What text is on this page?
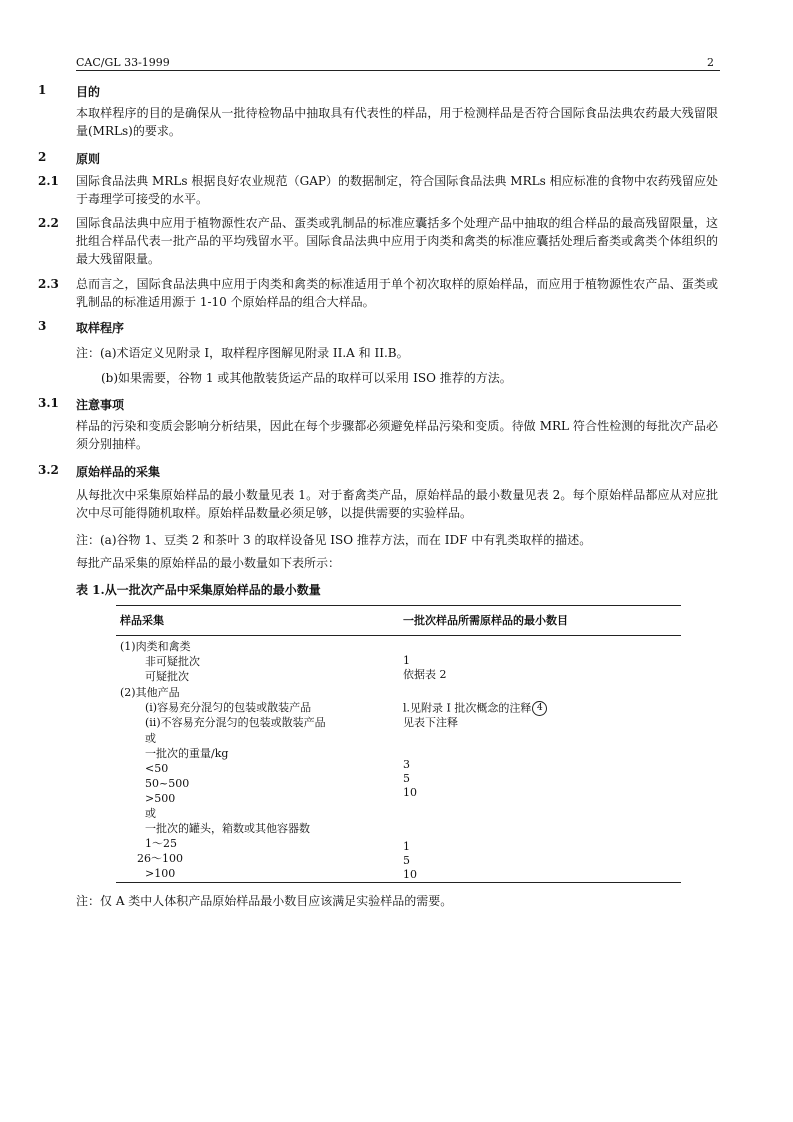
CAC/GL 33-1999	2
1 目的
本取样程序的目的是确保从一批待检物品中抽取具有代表性的样品，用于检测样品是否符合国际食品法典农药最大残留限量(MRLs)的要求。
2 原则
2.1 国际食品法典 MRLs 根据良好农业规范（GAP）的数据制定，符合国际食品法典 MRLs 相应标准的食物中农药残留应处于毒理学可接受的水平。
2.2 国际食品法典中应用于植物源性农产品、蛋类或乳制品的标准应囊括多个处理产品中抽取的组合样品的最高残留限量，这批组合样品代表一批产品的平均残留水平。国际食品法典中应用于肉类和禽类的标准应囊括处理后畜类或禽类个体组织的最大残留限量。
2.3 总而言之，国际食品法典中应用于肉类和禽类的标准适用于单个初次取样的原始样品，而应用于植物源性农产品、蛋类或乳制品的标准适用源于 1-10 个原始样品的组合大样品。
3 取样程序
注：(a)术语定义见附录 I，取样程序图解见附录 II.A 和 II.B。
(b)如果需要，谷物 1 或其他散装货运产品的取样可以采用 ISO 推荐的方法。
3.1 注意事项
样品的污染和变质会影响分析结果，因此在每个步骤都必须避免样品污染和变质。待做 MRL 符合性检测的每批次产品必须分别抽样。
3.2 原始样品的采集
从每批次中采集原始样品的最小数量见表 1。对于畜禽类产品，原始样品的最小数量见表 2。每个原始样品都应从对应批次中尽可能得随机取样。原始样品数量必须足够，以提供需要的实验样品。
注：(a)谷物 1、豆类 2 和茶叶 3 的取样设备见 ISO 推荐方法，而在 IDF 中有乳类取样的描述。
每批产品采集的原始样品的最小数量如下表所示：
表 1.从一批次产品中采集原始样品的最小数量
样品采集	一批次样品所需原样品的最小数目
(1)肉类和禽类
非可疑批次
可疑批次
(2)其他产品
(i)容易充分混匀的包装或散装产品
(ii)不容易充分混匀的包装或散装产品
或
一批次的重量/kg
<50
50~500
>500
或
一批次的罐头，箱数或其他容器数
1～25
26～100
>100
1
依据表 2
l.见附录 I 批次概念的注释 4
见表下注释
3
5
10
1
5
10
注：仅 A 类中人体积产品原始样品最小数目应该满足实验样品的需要。
